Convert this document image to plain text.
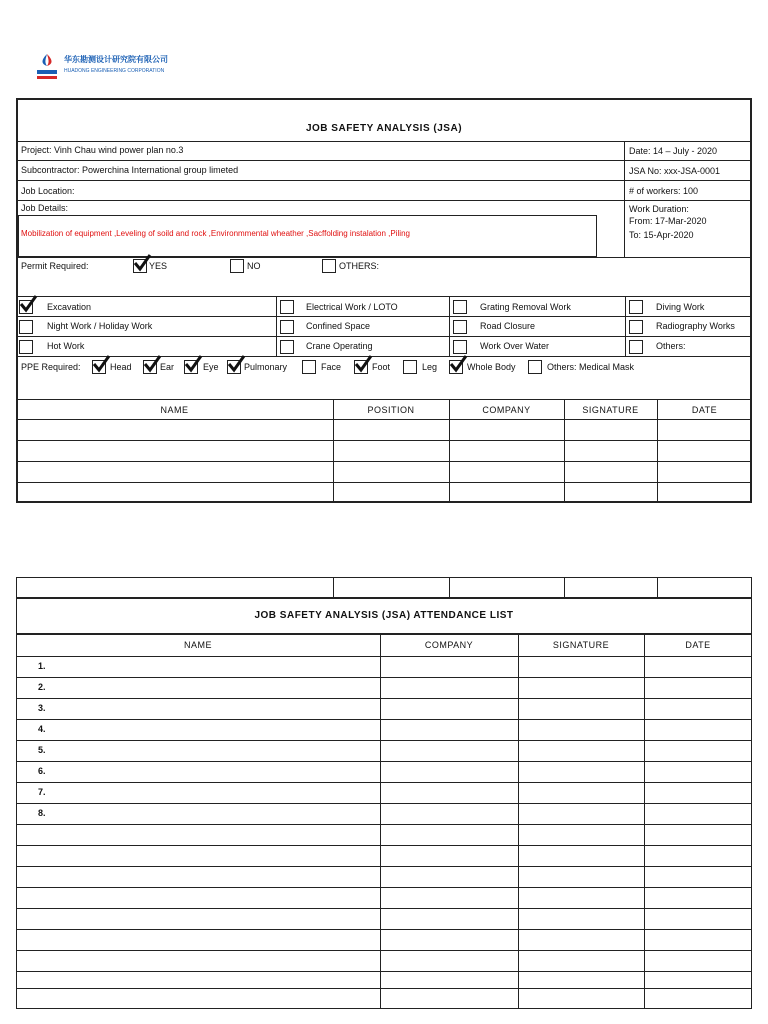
华东勘测设计研究院有限公司
HUADONG ENGINEERING CORPORATION
JOB SAFETY ANALYSIS (JSA)
Project: Vinh Chau wind power plan no.3
Subcontractor: Powerchina International group limeted
Job Location:
Job Details:
Mobilization of equipment ,Leveling of soild and rock ,Environmmental wheather ,Sacffolding instalation ,Piling
Date: 14 – July - 2020
JSA No: xxx-JSA-0001
# of workers: 100
Work Duration:
From: 17-Mar-2020
To: 15-Apr-2020
Permit Required:	YES	NO	OTHERS:
Excavation	Electrical Work / LOTO	Grating Removal Work	Diving Work
Night Work / Holiday Work	Confined Space	Road Closure	Radiography Works
Hot Work	Crane Operating	Work Over Water	Others:
PPE Required:	Head	Ear	Eye	Pulmonary	Face	Foot	Leg	Whole Body	Others: Medical Mask
NAME	POSITION	COMPANY	SIGNATURE	DATE
JOB SAFETY ANALYSIS (JSA) ATTENDANCE LIST
NAME	COMPANY	SIGNATURE	DATE
1.
2.
3.
4.
5.
6.
7.
8.
